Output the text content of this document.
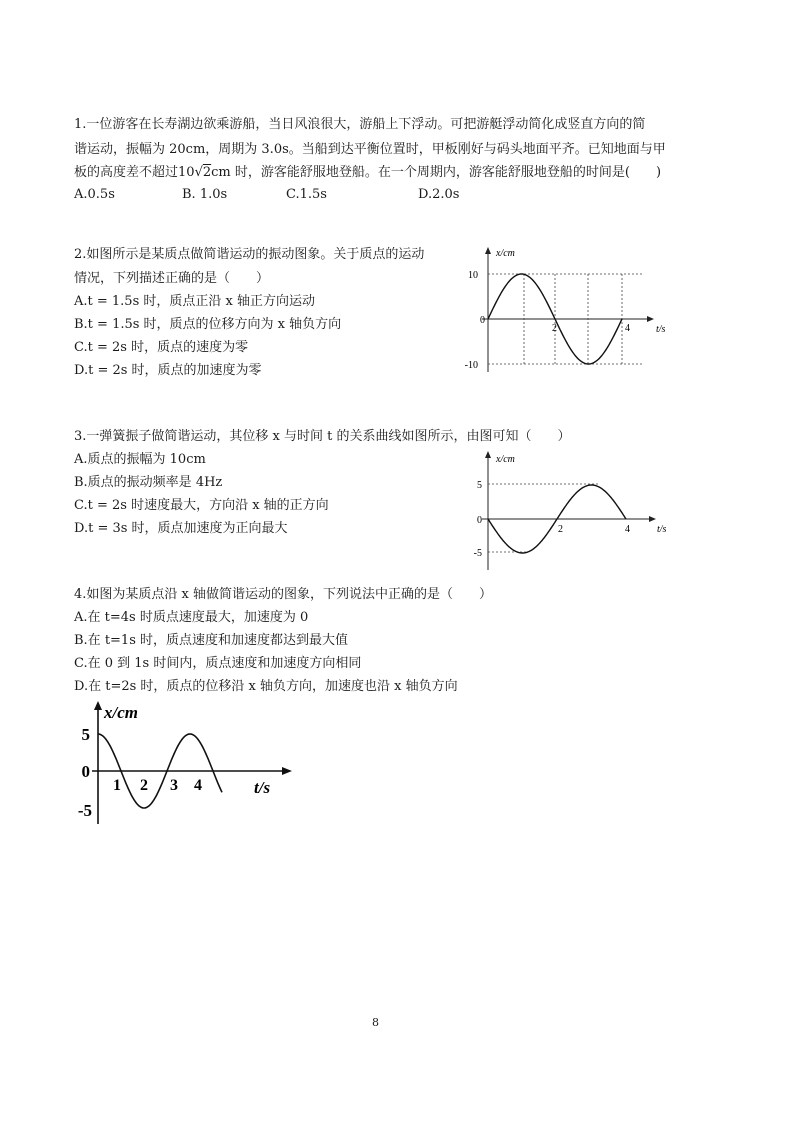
1.一位游客在长寿湖边欲乘游船，当日风浪很大，游船上下浮动。可把游艇浮动简化成竖直方向的简
谐运动，振幅为 20cm，周期为 3.0s。当船到达平衡位置时，甲板刚好与码头地面平齐。已知地面与甲
板的高度差不超过10√2cm 时，游客能舒服地登船。在一个周期内，游客能舒服地登船的时间是(　　)
A.0.5s	B. 1.0s	C.1.5s	D.2.0s
2.如图所示是某质点做简谐运动的振动图象。关于质点的运动
情况，下列描述正确的是（　　）
A.t = 1.5s 时，质点正沿 x 轴正方向运动
B.t = 1.5s 时，质点的位移方向为 x 轴负方向
C.t = 2s 时，质点的速度为零
D.t = 2s 时，质点的加速度为零
x/cm
t/s
10
0
-10
2	4
3.一弹簧振子做简谐运动，其位移 x 与时间 t 的关系曲线如图所示，由图可知（　　）
A.质点的振幅为 10cm
B.质点的振动频率是 4Hz
C.t = 2s 时速度最大，方向沿 x 轴的正方向
D.t = 3s 时，质点加速度为正向最大
x/cm
t/s
5
0
-5
2	4
4.如图为某质点沿 x 轴做简谐运动的图象，下列说法中正确的是（　　）
A.在 t=4s 时质点速度最大，加速度为 0
B.在 t=1s 时，质点速度和加速度都达到最大值
C.在 0 到 1s 时间内，质点速度和加速度方向相同
D.在 t=2s 时，质点的位移沿 x 轴负方向，加速度也沿 x 轴负方向
x/cm
t/s
5
0
-5
1 2 3 4
8
